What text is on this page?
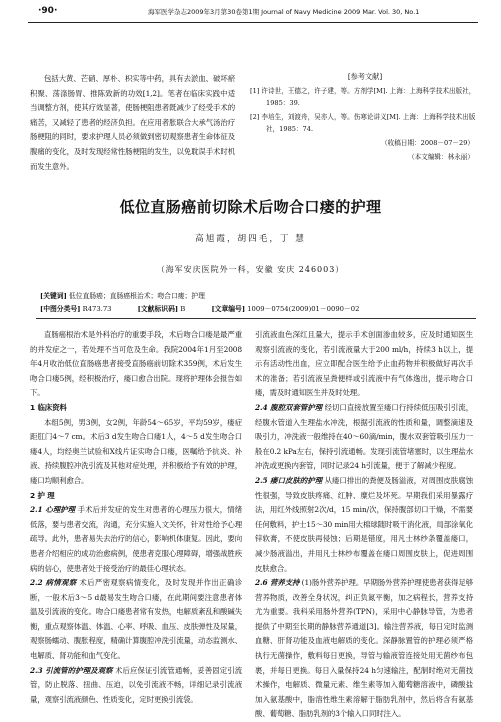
·90·	海军医学杂志2009年3月第30卷第1期 Journal of Navy Medicine 2009 Mar. Vol. 30, No.1

包括大黄、芒硝、厚朴、枳实等中药，具有去淤血、破坏瘀积聚、荡涤肠胃、推陈致新的功效[1,2]。笔者在临床实践中适当调整方剂，使其疗效显著，使肠梗阻患者既减少了经受手术的痛苦，又减轻了患者的经济负担。在应用者胀联合大承气汤治疗肠梗阻的同时，要求护理人员必须做到密切观察患者生命体征及腹痛的变化，及时发现经常性肠梗阻的发生，以免耽误手术时机而发生意外。

[参考文献]
[1] 许诗世，王德之，许子建，等。方剂学[M]. 上海：上海科学技术出版社，1985：39.
[2] 李培生，刘渡舟，吴亦人，等。伤寒论讲义[M]. 上海：上海科学技术出版社，1985：74.
（收稿日期：2008－07－29）
（本文编辑：林永丽）
低位直肠癌前切除术后吻合口瘘的护理
高旭霞，胡四毛，丁 慧
（海军安庆医院外一科，安徽 安庆 246003）
[关键词] 低位直肠癌；直肠癌根治术；吻合口瘘；护理
[中图分类号] R473.73	[文献标识码] B	[文章编号] 1009－0754(2009)01－0090－02

直肠癌根治术是外科治疗的重要手段，术后吻合口瘘是最严重的并发症之一，若处理不当可危及生命。我院2004年1月至2008年4月收治低位直肠癌患者接受直肠癌前切除术359例，术后发生吻合口瘘5例，经积极治疗，瘘口愈合出院。现将护理体会报告如下。

1 临床资料

本组5例，男3例，女2例，年龄54～65岁，平均59岁，瘘症距肛门4～7 cm。术后3 d发生吻合口瘘1人，4～5 d发生吻合口瘘4人，均经奥兰试验和X线片证实吻合口瘘，医嘱给予抗炎、补液、持续腹腔冲洗引流及其他对症处理，并积极给予有效的护理，瘘口均顺利愈合。

2 护 理

2.1 心理护理 手术后并发症的发生对患者的心理压力很大，情绪低落，要与患者交流，沟通，充分实施人文关怀，针对性给予心理疏导。此外，患者易失去治疗的信心，影响机体康复。因此，要向患者介绍相应的成功治愈病例，使患者克服心理障碍，增强战胜疾病的信心，使患者处于接受治疗的最佳心理状态。

2.2 病情观察 术后严密观察病情变化，及时发现并作出正确诊断，一般术后3～5 d最易发生吻合口瘘，在此期间要注意患者体温及引流液的变化。吻合口瘘患者常有发热，电解质紊乱和酸碱失衡，重点观察体温、体温、心率、呼吸、血压、皮肤弹性及尿量，观察肠蠕动、腹胀程度，精确计算腹腔冲洗引流量，动态监测水、电解质、肾功能和血气变化。

2.3 引流管的护理及观察 术后应保证引流管通畅，妥善固定引流管，防止脱落、扭曲、压迫，以免引流液不畅，详细记录引流液量，观察引流液颜色、性质变化，定时更换引流袋。

引流液血色深红且量大，提示手术创面渗血较多，应及时通知医生观察引流液的变化，若引流液量大于200 ml/h，持续3 h以上，提示有活动性出血，应立即配合医生给予止血药物并积极做好再次手术的准备；若引流液呈粪便样或引流液中有气体逸出，提示吻合口瘘，需及时通知医生并及时处理。

2.4 腹腔双套管护理 经切口直接放置至瘘口行持续低压吸引引流，经腹水管道入生理盐水冲洗，根据引流液的性质和量，调整滴速及吸引力，冲洗液一般维持在40～60滴/min，腹水双套管吸引压力一般在0.2 kPa左右，保持引流通畅。发现引流管堵塞时，以生理盐水冲洗或更换内套管，同时记录24 h引流量，便于了解减少程度。

2.5 瘘口皮肤的护理 从瘘口排出的粪便及肠溢液，对周围皮肤腐蚀性很强，导致皮肤疼痛、红肿、糜烂及坏死。早期我们采用暴露疗法，用红外线照射2次/d，15 min/次，保持腹部切口干燥，不需要任何敷料，护士15～30 min用大棉球随时吸干消化液，局部涂氧化锌软膏，不使皮肤再侵蚀；后期是错度，用凡士林纱条覆盖瘘口，减少肠液溢出，并用凡士林纱布覆盖在瘘口周围皮肤上，促进周围皮肤愈合。

2.6 营养支持 (1)肠外营养护理。早期肠外营养护理使患者获得足够营养物质，改善全身状况，纠正负氮平衡，加之病程长，营养支持尤为重要。我科采用肠外营养(TPN)，采用中心静脉导管，为患者提供了中期至长期的静脉营养通道[3]。输注营养液，每日定时监测血糖、肝肾功能及血液电解质的变化。深静脉置管的护理必须严格执行无菌操作，敷料每日更换，导管与输液管连接处用无菌纱布包裹，并每日更换。每日入量保持24 h匀速输注，配制时绝对无菌技术操作，电解质、微量元素、维生素等加入葡萄糖溶液中，磷酸盐加入氨基酸中，脂溶性维生素溶解于脂肪乳剂中，然后将含有氨基酸、葡萄糖、脂肪乳剂的3个输入口同时注入。
